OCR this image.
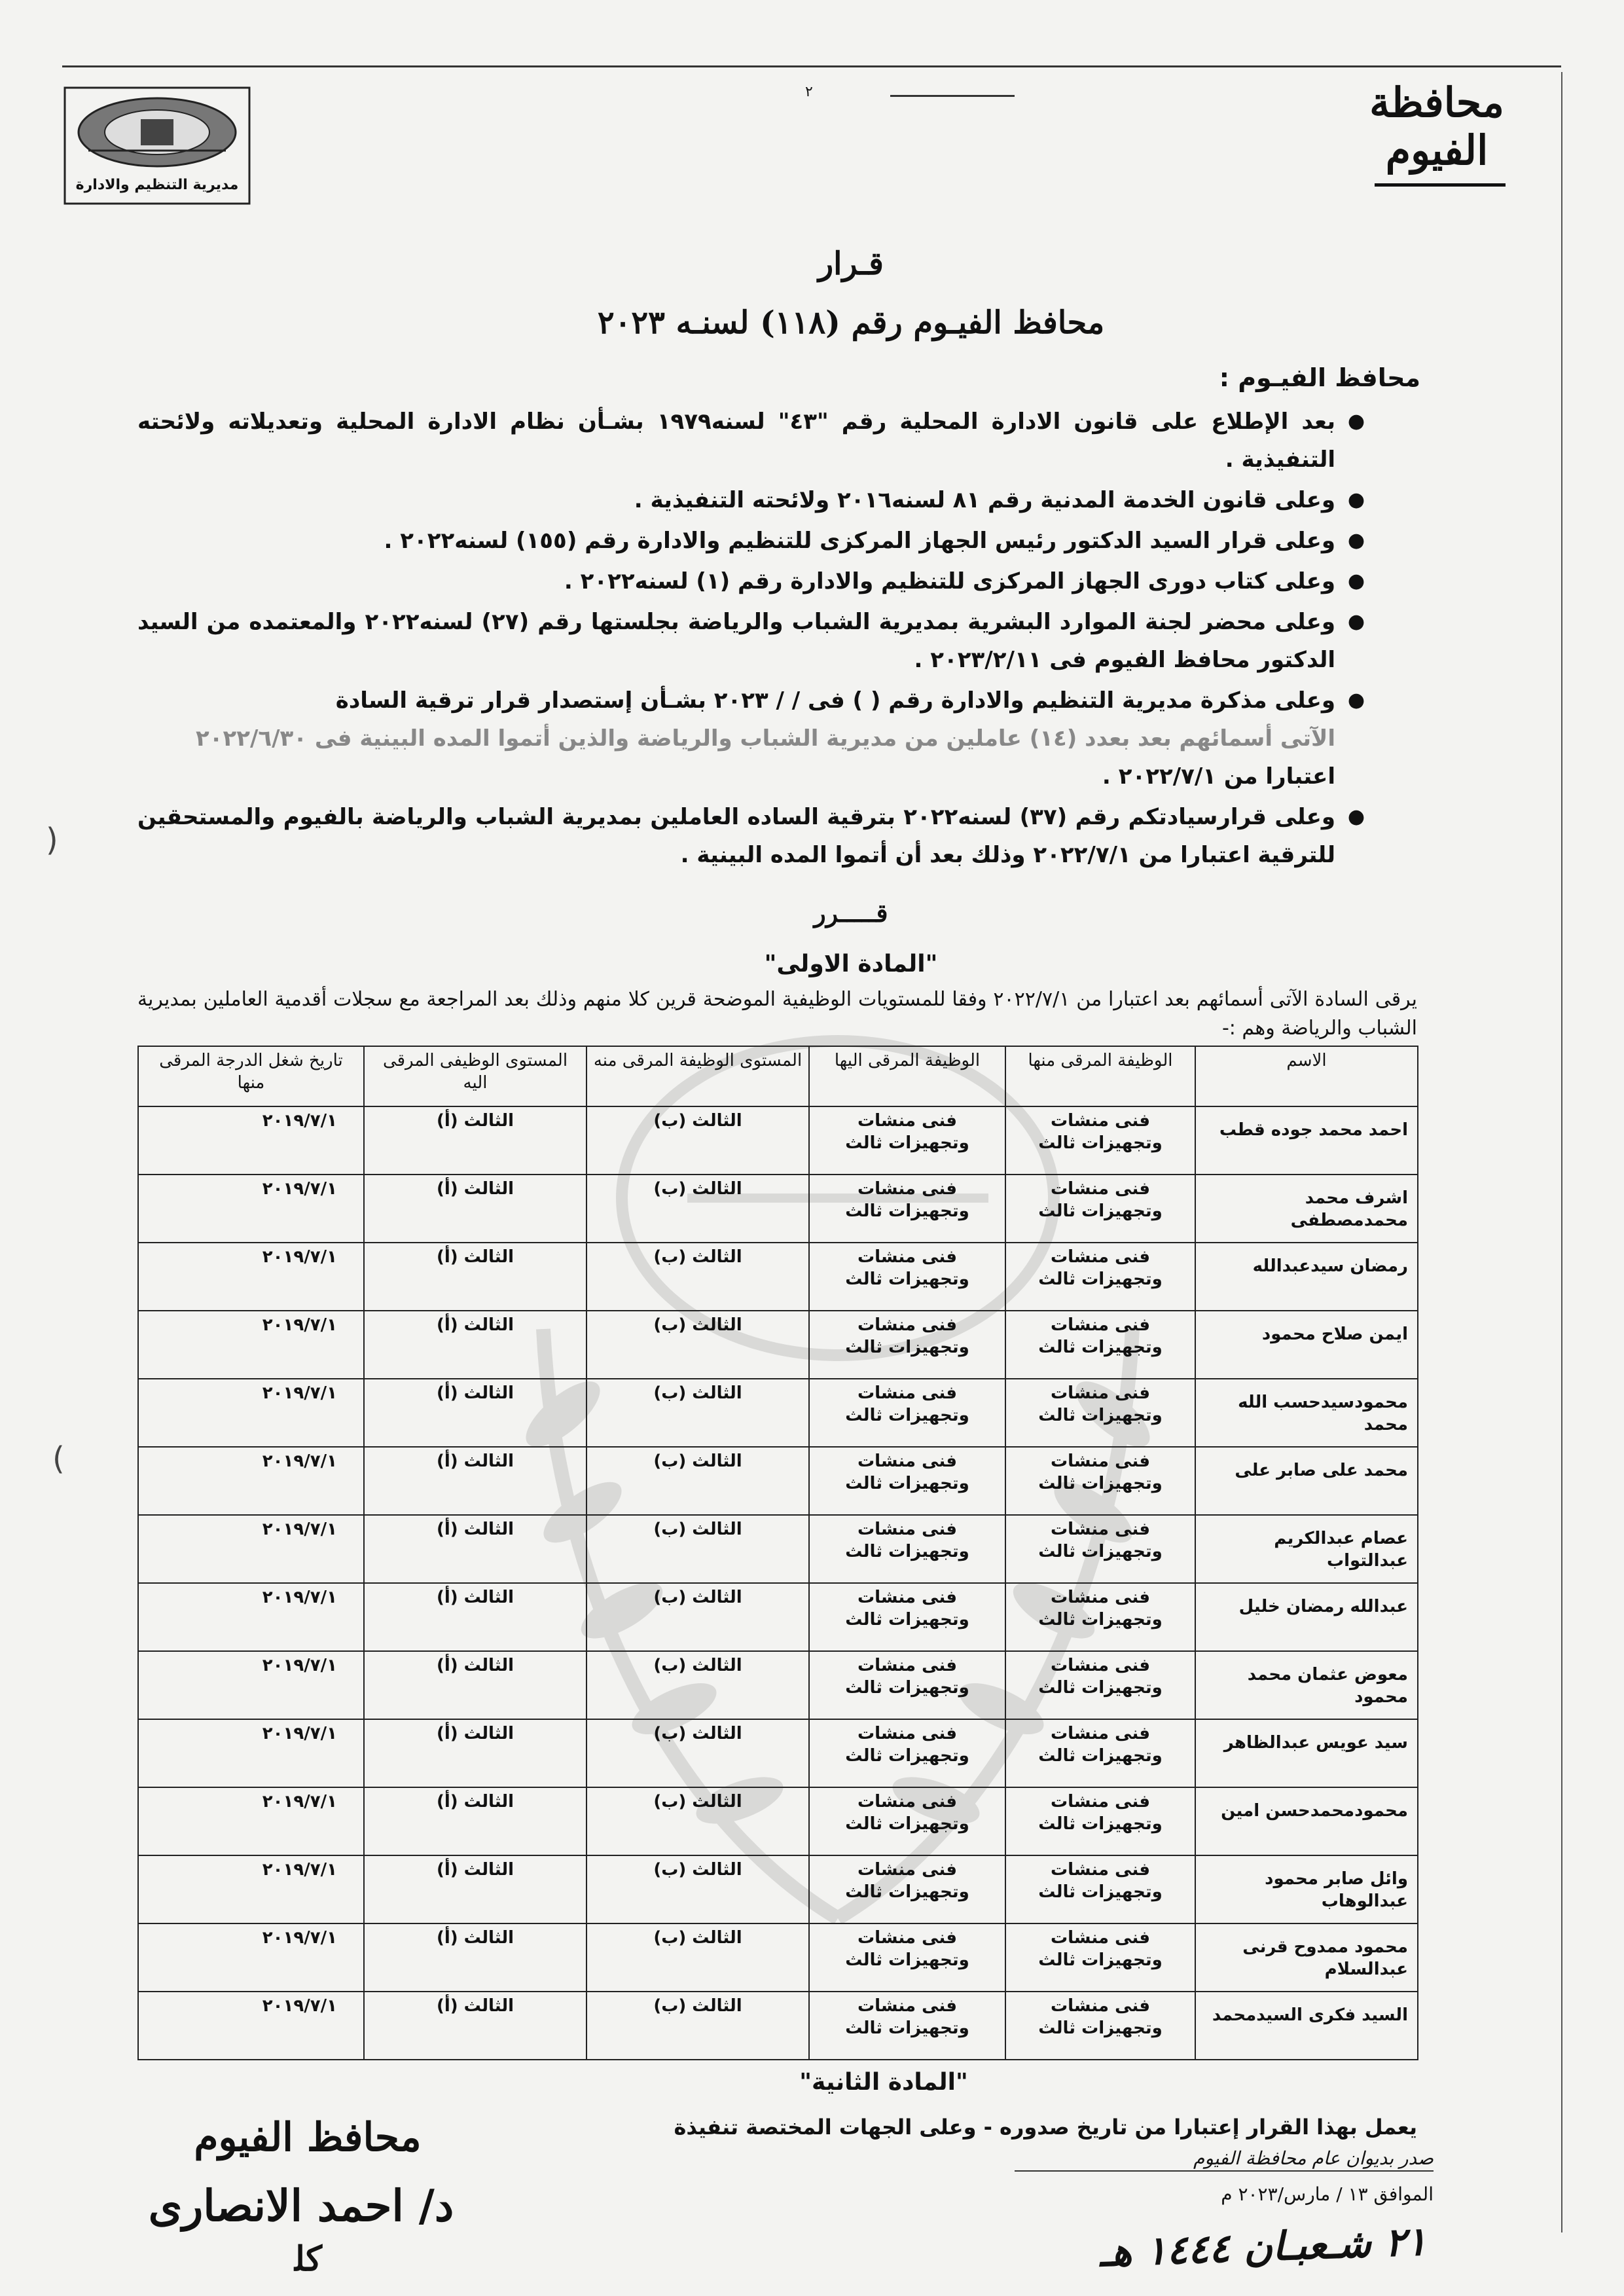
محافظة الفيوم
مديرية التنظيم والادارة
٢
قـرار
محافظ الفيـوم رقم (١١٨) لسنـه ٢٠٢٣
محافظ الفيـوم :
●
بعد الإطلاع على قانون الادارة المحلية رقم "٤٣" لسنه١٩٧٩ بشـأن نظام الادارة المحلية وتعديلاته ولائحته التنفيذية .
●
وعلى قانون الخدمة المدنية رقم ٨١ لسنه٢٠١٦ ولائحته التنفيذية .
●
وعلى قرار السيد الدكتور رئيس الجهاز المركزى للتنظيم والادارة رقم (١٥٥) لسنه٢٠٢٢ .
●
وعلى كتاب دورى الجهاز المركزى للتنظيم والادارة رقم (١) لسنه٢٠٢٢ .
●
وعلى محضر لجنة الموارد البشرية بمديرية الشباب والرياضة بجلستها رقم (٢٧) لسنه٢٠٢٢ والمعتمده من السيد الدكتور محافظ الفيوم فى ٢٠٢٣/٢/١١ .
●
وعلى مذكرة مديرية التنظيم والادارة رقم ( ) فى / / ٢٠٢٣ بشـأن إستصدار قرار ترقية السادة
الآتى أسمائهم بعد بعدد (١٤) عاملين من مديرية الشباب والرياضة والذين أتموا المده البينية فى ٢٠٢٢/٦/٣٠
اعتبارا من ٢٠٢٢/٧/١ .
●
وعلى قرارسيادتكم رقم (٣٧) لسنه٢٠٢٢ بترقية الساده العاملين بمديرية الشباب والرياضة بالفيوم والمستحقين للترقية اعتبارا من ٢٠٢٢/٧/١ وذلك بعد أن أتموا المده البينية .
قـــــرر
"المادة الاولى"
يرقى السادة الآتى أسمائهم بعد اعتبارا من ٢٠٢٢/٧/١ وفقا للمستويات الوظيفية الموضحة قرين كلا منهم وذلك بعد المراجعة مع سجلات أقدمية العاملين بمديرية الشباب والرياضة وهم :-
الاسم	الوظيفة المرقى منها	الوظيفة المرقى اليها	المستوى الوظيفة المرقى منه	المستوى الوظيفى المرقى اليه	تاريخ شغل الدرجة المرقى منها
احمد محمد جوده قطب	فنى منشات وتجهيزات ثالث	فنى منشات وتجهيزات ثالث	الثالث (ب)	الثالث (أ)	٢٠١٩/٧/١
اشرف محمد محمدمصطفى	فنى منشات وتجهيزات ثالث	فنى منشات وتجهيزات ثالث	الثالث (ب)	الثالث (أ)	٢٠١٩/٧/١
رمضان سيدعبدالله	فنى منشات وتجهيزات ثالث	فنى منشات وتجهيزات ثالث	الثالث (ب)	الثالث (أ)	٢٠١٩/٧/١
ايمن صلاح محمود	فنى منشات وتجهيزات ثالث	فنى منشات وتجهيزات ثالث	الثالث (ب)	الثالث (أ)	٢٠١٩/٧/١
محمودسيدحسب الله محمد	فنى منشات وتجهيزات ثالث	فنى منشات وتجهيزات ثالث	الثالث (ب)	الثالث (أ)	٢٠١٩/٧/١
محمد على صابر على	فنى منشات وتجهيزات ثالث	فنى منشات وتجهيزات ثالث	الثالث (ب)	الثالث (أ)	٢٠١٩/٧/١
عصام عبدالكريم عبدالتواب	فنى منشات وتجهيزات ثالث	فنى منشات وتجهيزات ثالث	الثالث (ب)	الثالث (أ)	٢٠١٩/٧/١
عبدالله رمضان خليل	فنى منشات وتجهيزات ثالث	فنى منشات وتجهيزات ثالث	الثالث (ب)	الثالث (أ)	٢٠١٩/٧/١
معوض عثمان محمد محمود	فنى منشات وتجهيزات ثالث	فنى منشات وتجهيزات ثالث	الثالث (ب)	الثالث (أ)	٢٠١٩/٧/١
سيد عويس عبدالظاهر	فنى منشات وتجهيزات ثالث	فنى منشات وتجهيزات ثالث	الثالث (ب)	الثالث (أ)	٢٠١٩/٧/١
محمودمحمدحسن امين	فنى منشات وتجهيزات ثالث	فنى منشات وتجهيزات ثالث	الثالث (ب)	الثالث (أ)	٢٠١٩/٧/١
وائل صابر محمود عبدالوهاب	فنى منشات وتجهيزات ثالث	فنى منشات وتجهيزات ثالث	الثالث (ب)	الثالث (أ)	٢٠١٩/٧/١
محمود ممدوح قرنى عبدالسلام	فنى منشات وتجهيزات ثالث	فنى منشات وتجهيزات ثالث	الثالث (ب)	الثالث (أ)	٢٠١٩/٧/١
السيد فكرى السيدمحمد	فنى منشات وتجهيزات ثالث	فنى منشات وتجهيزات ثالث	الثالث (ب)	الثالث (أ)	٢٠١٩/٧/١
"المادة الثانية"
يعمل بهذا القرار إعتبارا من تاريخ صدوره - وعلى الجهات المختصة تنفيذة
صدر بديوان عام محافظة الفيوم
الموافق ١٣ / مارس/٢٠٢٣ م
٢١ شـعبـان ١٤٤٤ هـ
محافظ الفيوم
د/ احمد الانصارى
ﻛﻠ
(
)
